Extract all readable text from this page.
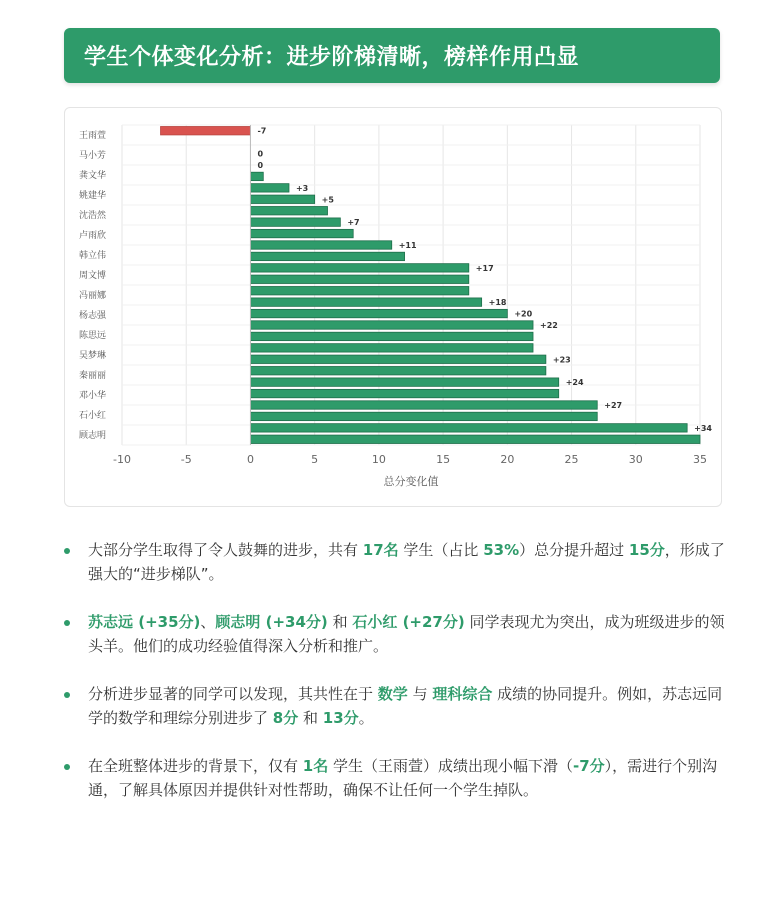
学生个体变化分析：进步阶梯清晰，榜样作用凸显
-10	-5	0	5	10	15	20	25	30	35
王雨萱
马小芳
龚文华
姚建华
沈浩然
卢雨欣
韩立伟
周文博
冯丽娜
杨志强
陈思远
吴梦琳
秦丽丽
邓小华
石小红
顾志明
-7
0
0
+3
+5
+7
+11
+17
+18
+20
+22
+23
+24
+27
+34
总分变化值
大部分学生取得了令人鼓舞的进步，共有 17名 学生（占比 53%）总分提升超过 15分，形成了强大的“进步梯队”。
苏志远 (+35分)、顾志明 (+34分) 和 石小红 (+27分) 同学表现尤为突出，成为班级进步的领头羊。他们的成功经验值得深入分析和推广。
分析进步显著的同学可以发现，其共性在于 数学 与 理科综合 成绩的协同提升。例如，苏志远同学的数学和理综分别进步了 8分 和 13分。
在全班整体进步的背景下，仅有 1名 学生（王雨萱）成绩出现小幅下滑（-7分），需进行个别沟通，了解具体原因并提供针对性帮助，确保不让任何一个学生掉队。
